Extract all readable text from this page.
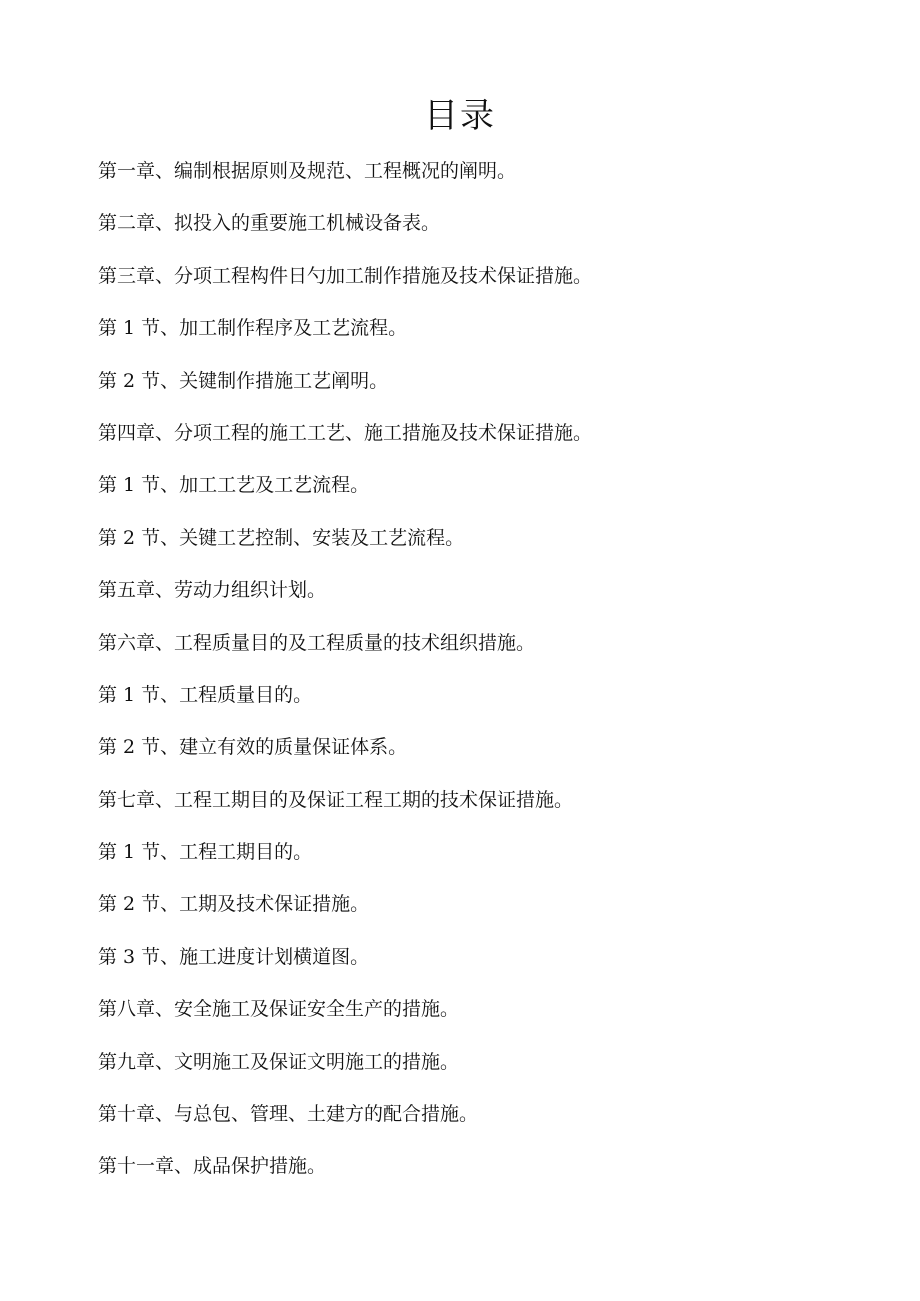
目录
第一章、编制根据原则及规范、工程概况的阐明。
第二章、拟投入的重要施工机械设备表。
第三章、分项工程构件日勺加工制作措施及技术保证措施。
第 1 节、加工制作程序及工艺流程。
第 2 节、关键制作措施工艺阐明。
第四章、分项工程的施工工艺、施工措施及技术保证措施。
第 1 节、加工工艺及工艺流程。
第 2 节、关键工艺控制、安装及工艺流程。
第五章、劳动力组织计划。
第六章、工程质量目的及工程质量的技术组织措施。
第 1 节、工程质量目的。
第 2 节、建立有效的质量保证体系。
第七章、工程工期目的及保证工程工期的技术保证措施。
第 1 节、工程工期目的。
第 2 节、工期及技术保证措施。
第 3 节、施工进度计划横道图。
第八章、安全施工及保证安全生产的措施。
第九章、文明施工及保证文明施工的措施。
第十章、与总包、管理、土建方的配合措施。
第十一章、成品保护措施。
